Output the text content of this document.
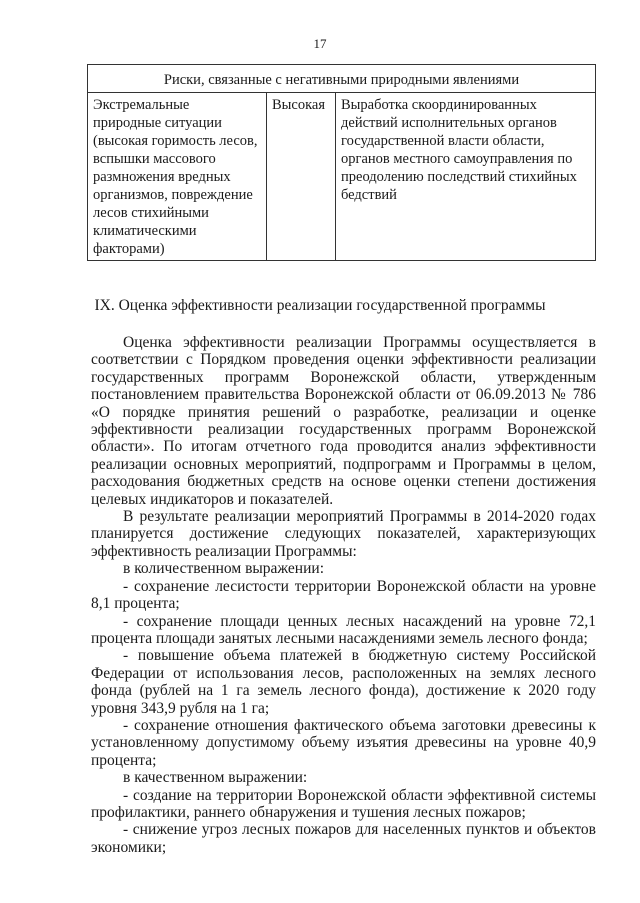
17
Риски, связанные с негативными природными явлениями
Экстремальные природные ситуации (высокая горимость лесов, вспышки массового размножения вредных организмов, повреждение лесов стихийными климатическими факторами)	Высокая	Выработка скоординированных действий исполнительных органов государственной власти области, органов местного самоуправления по преодолению последствий стихийных бедствий
IX. Оценка эффективности реализации государственной программы

Оценка эффективности реализации Программы осуществляется в соответствии с Порядком проведения оценки эффективности реализации государственных программ Воронежской области, утвержденным постановлением правительства Воронежской области от 06.09.2013 № 786 «О порядке принятия решений о разработке, реализации и оценке эффективности реализации государственных программ Воронежской области». По итогам отчетного года проводится анализ эффективности реализации основных мероприятий, подпрограмм и Программы в целом, расходования бюджетных средств на основе оценки степени достижения целевых индикаторов и показателей.

В результате реализации мероприятий Программы в 2014-2020 годах планируется достижение следующих показателей, характеризующих эффективность реализации Программы:

в количественном выражении:

- сохранение лесистости территории Воронежской области на уровне 8,1 процента;

- сохранение площади ценных лесных насаждений на уровне 72,1 процента площади занятых лесными насаждениями земель лесного фонда;

- повышение объема платежей в бюджетную систему Российской Федерации от использования лесов, расположенных на землях лесного фонда (рублей на 1 га земель лесного фонда), достижение к 2020 году уровня 343,9 рубля на 1 га;

- сохранение отношения фактического объема заготовки древесины к установленному допустимому объему изъятия древесины на уровне 40,9 процента;

в качественном выражении:

- создание на территории Воронежской области эффективной системы профилактики, раннего обнаружения и тушения лесных пожаров;

- снижение угроз лесных пожаров для населенных пунктов и объектов экономики;
